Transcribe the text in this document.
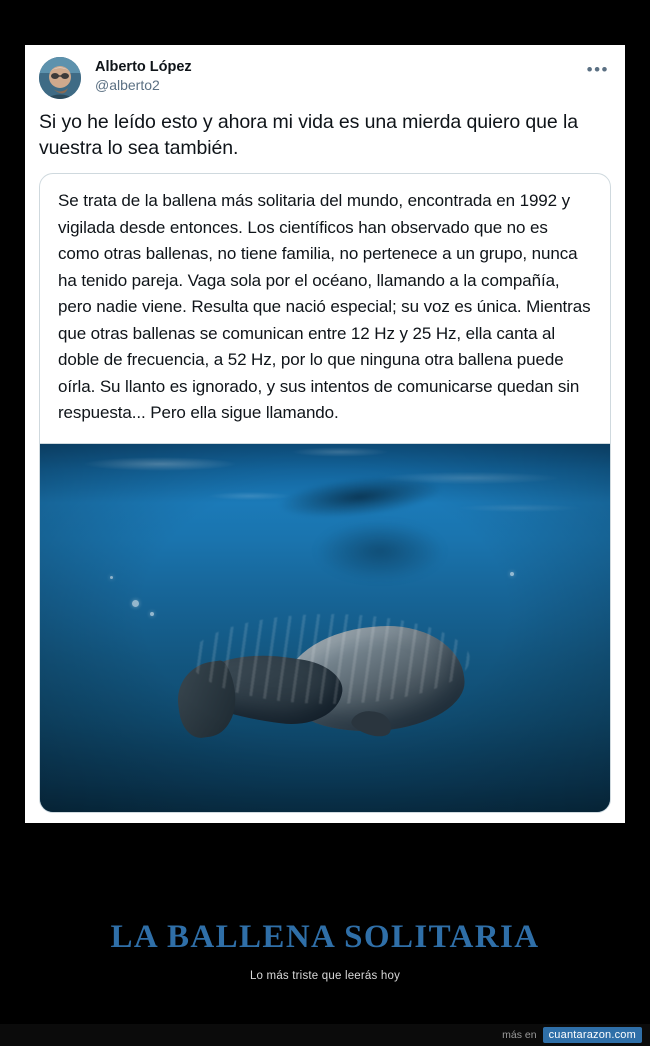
Alberto López
@alberto2
•••
Si yo he leído esto y ahora mi vida es una mierda quiero que la vuestra lo sea también.
Se trata de la ballena más solitaria del mundo, encontrada en 1992 y vigilada desde entonces. Los científicos han observado que no es como otras ballenas, no tiene familia, no pertenece a un grupo, nunca ha tenido pareja. Vaga sola por el océano, llamando a la compañía, pero nadie viene. Resulta que nació especial; su voz es única. Mientras que otras ballenas se comunican entre 12 Hz y 25 Hz, ella canta al doble de frecuencia, a 52 Hz, por lo que ninguna otra ballena puede oírla. Su llanto es ignorado, y sus intentos de comunicarse quedan sin respuesta... Pero ella sigue llamando.
LA BALLENA SOLITARIA
Lo más triste que leerás hoy
más en	cuantarazon.com
